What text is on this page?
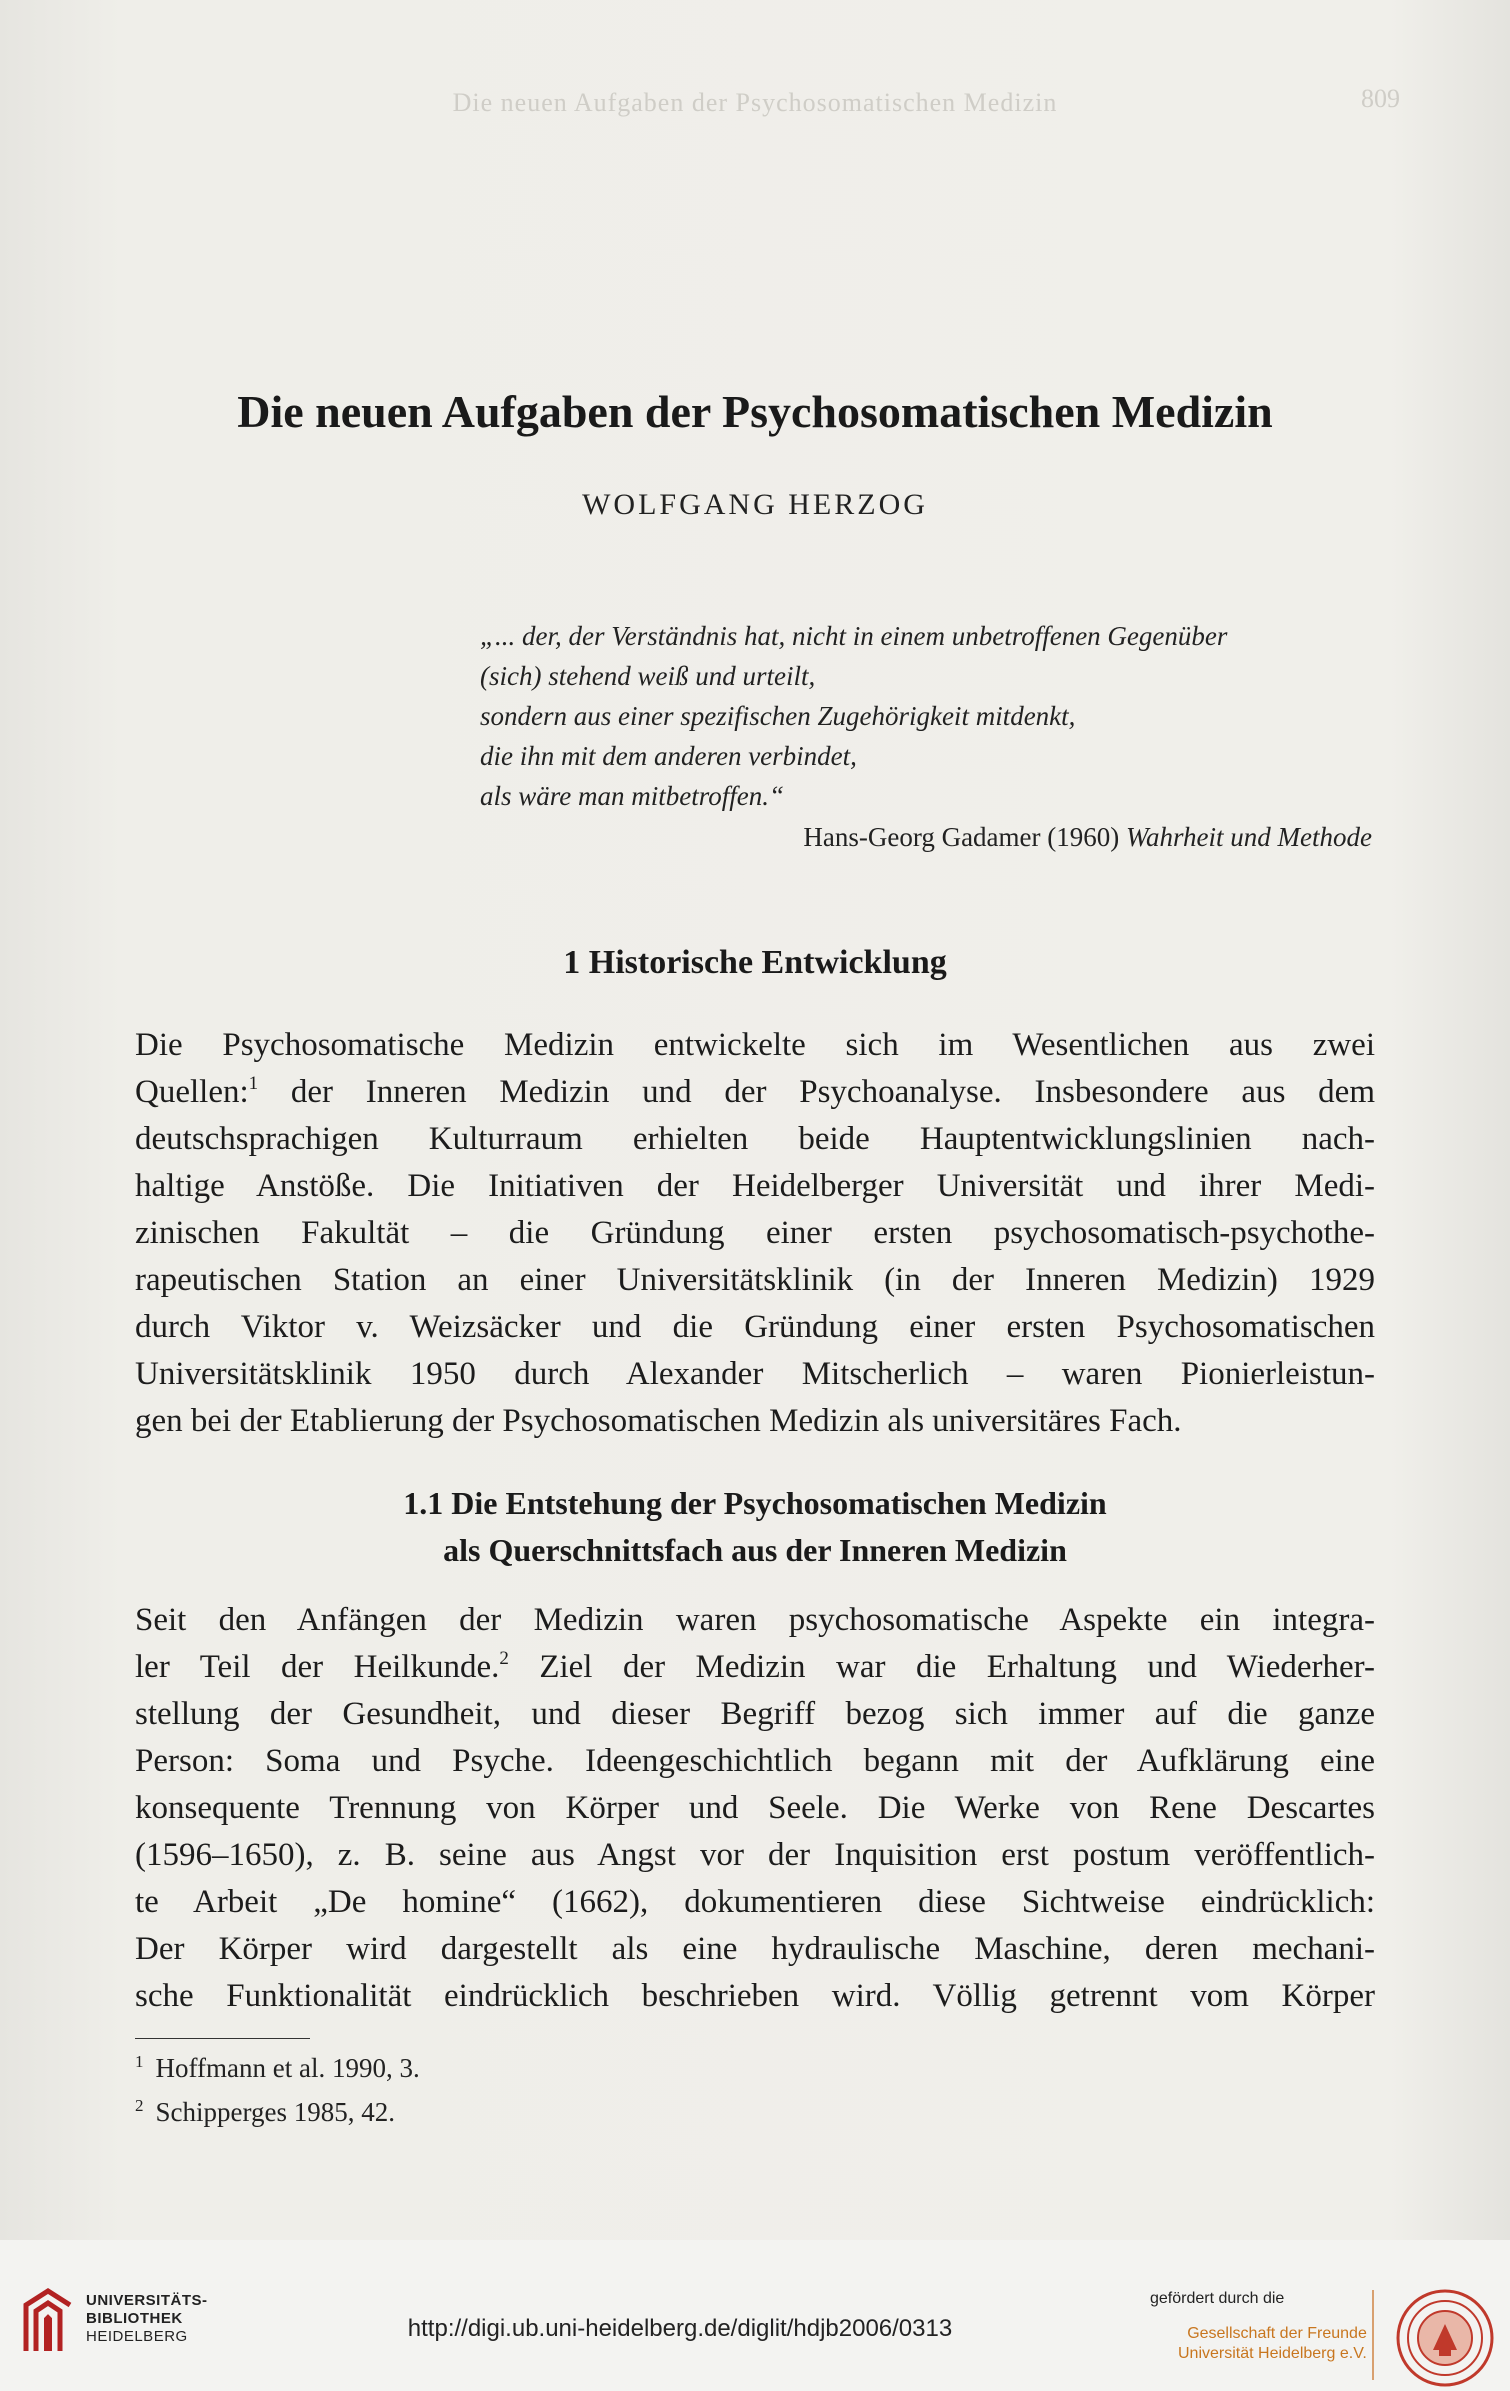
Die neuen Aufgaben der Psychosomatischen Medizin	809
Die neuen Aufgaben der Psychosomatischen Medizin
WOLFGANG HERZOG
„... der, der Verständnis hat, nicht in einem unbetroffenen Gegenüber
(sich) stehend weiß und urteilt,
sondern aus einer spezifischen Zugehörigkeit mitdenkt,
die ihn mit dem anderen verbindet,
als wäre man mitbetroffen.“
Hans-Georg Gadamer (1960) Wahrheit und Methode
1 Historische Entwicklung
Die Psychosomatische Medizin entwickelte sich im Wesentlichen aus zwei
Quellen:$^1$ der Inneren Medizin und der Psychoanalyse. Insbesondere aus dem
deutschsprachigen Kulturraum erhielten beide Hauptentwicklungslinien nach-
haltige Anstöße. Die Initiativen der Heidelberger Universität und ihrer Medi-
zinischen Fakultät – die Gründung einer ersten psychosomatisch-psychothe-
rapeutischen Station an einer Universitätsklinik (in der Inneren Medizin) 1929
durch Viktor v. Weizsäcker und die Gründung einer ersten Psychosomatischen
Universitätsklinik 1950 durch Alexander Mitscherlich – waren Pionierleistun-
gen bei der Etablierung der Psychosomatischen Medizin als universitäres Fach.
1.1 Die Entstehung der Psychosomatischen Medizin
als Querschnittsfach aus der Inneren Medizin
Seit den Anfängen der Medizin waren psychosomatische Aspekte ein integra-
ler Teil der Heilkunde.$^2$ Ziel der Medizin war die Erhaltung und Wiederher-
stellung der Gesundheit, und dieser Begriff bezog sich immer auf die ganze
Person: Soma und Psyche. Ideengeschichtlich begann mit der Aufklärung eine
konsequente Trennung von Körper und Seele. Die Werke von Rene Descartes
(1596–1650), z. B. seine aus Angst vor der Inquisition erst postum veröffentlich-
te Arbeit „De homine“ (1662), dokumentieren diese Sichtweise eindrücklich:
Der Körper wird dargestellt als eine hydraulische Maschine, deren mechani-
sche Funktionalität eindrücklich beschrieben wird. Völlig getrennt vom Körper
$^1$ Hoffmann et al. 1990, 3.
$^2$ Schipperges 1985, 42.
UNIVERSITÄTS-
BIBLIOTHEK
HEIDELBERG	http://digi.ub.uni-heidelberg.de/diglit/hdjb2006/0313
gefördert durch die
Gesellschaft der Freunde
Universität Heidelberg e.V.
